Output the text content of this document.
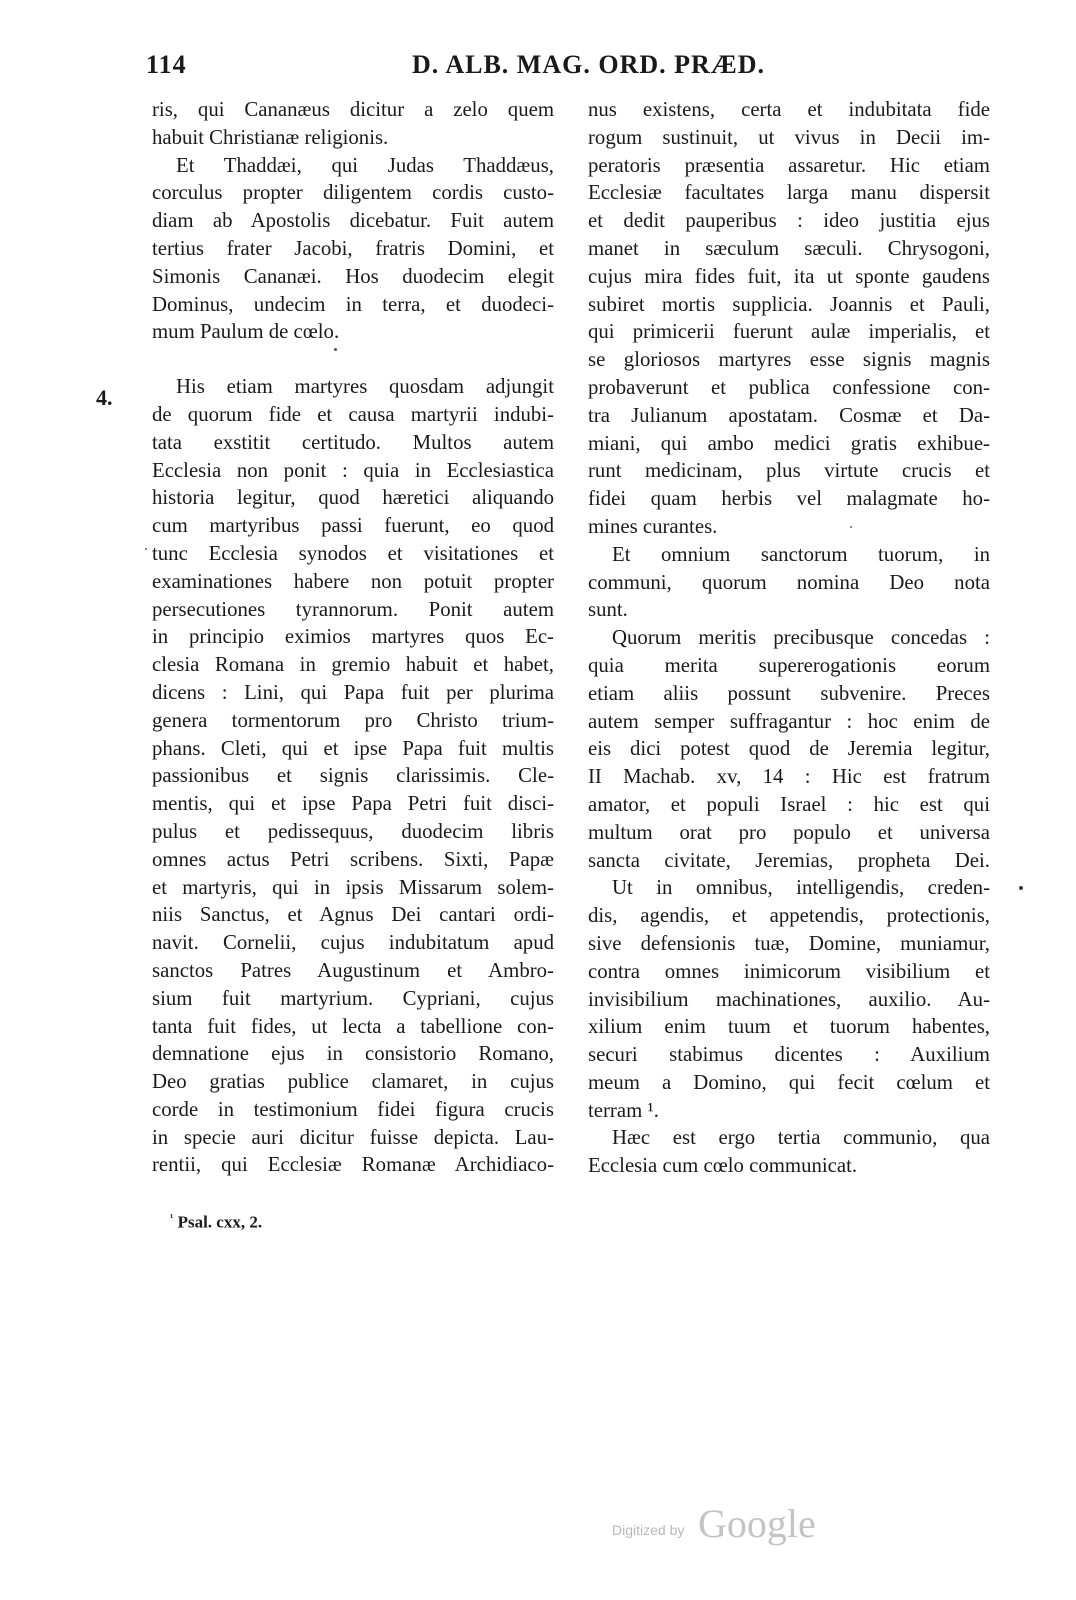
114	D. ALB. MAG. ORD. PRÆD.
4.
ris, qui Cananæus dicitur a zelo quem
habuit Christianæ religionis.
Et Thaddæi, qui Judas Thaddæus,
corculus propter diligentem cordis custo-
diam ab Apostolis dicebatur. Fuit autem
tertius frater Jacobi, fratris Domini, et
Simonis Cananæi. Hos duodecim elegit
Dominus, undecim in terra, et duodeci-
mum Paulum de cœlo.
His etiam martyres quosdam adjungit
de quorum fide et causa martyrii indubi-
tata exstitit certitudo. Multos autem
Ecclesia non ponit : quia in Ecclesiastica
historia legitur, quod hæretici aliquando
cum martyribus passi fuerunt, eo quod
tunc Ecclesia synodos et visitationes et
examinationes habere non potuit propter
persecutiones tyrannorum. Ponit autem
in principio eximios martyres quos Ec-
clesia Romana in gremio habuit et habet,
dicens : Lini, qui Papa fuit per plurima
genera tormentorum pro Christo trium-
phans. Cleti, qui et ipse Papa fuit multis
passionibus et signis clarissimis. Cle-
mentis, qui et ipse Papa Petri fuit disci-
pulus et pedissequus, duodecim libris
omnes actus Petri scribens. Sixti, Papæ
et martyris, qui in ipsis Missarum solem-
niis Sanctus, et Agnus Dei cantari ordi-
navit. Cornelii, cujus indubitatum apud
sanctos Patres Augustinum et Ambro-
sium fuit martyrium. Cypriani, cujus
tanta fuit fides, ut lecta a tabellione con-
demnatione ejus in consistorio Romano,
Deo gratias publice clamaret, in cujus
corde in testimonium fidei figura crucis
in specie auri dicitur fuisse depicta. Lau-
rentii, qui Ecclesiæ Romanæ Archidiaco-
nus existens, certa et indubitata fide
rogum sustinuit, ut vivus in Decii im-
peratoris præsentia assaretur. Hic etiam
Ecclesiæ facultates larga manu dispersit
et dedit pauperibus : ideo justitia ejus
manet in sæculum sæculi. Chrysogoni,
cujus mira fides fuit, ita ut sponte gaudens
subiret mortis supplicia. Joannis et Pauli,
qui primicerii fuerunt aulæ imperialis, et
se gloriosos martyres esse signis magnis
probaverunt et publica confessione con-
tra Julianum apostatam. Cosmæ et Da-
miani, qui ambo medici gratis exhibue-
runt medicinam, plus virtute crucis et
fidei quam herbis vel malagmate ho-
mines curantes.
Et omnium sanctorum tuorum, in
communi, quorum nomina Deo nota
sunt.
Quorum meritis precibusque concedas :
quia merita supererogationis eorum
etiam aliis possunt subvenire. Preces
autem semper suffragantur : hoc enim de
eis dici potest quod de Jeremia legitur,
II Machab. xv, 14 : Hic est fratrum
amator, et populi Israel : hic est qui
multum orat pro populo et universa
sancta civitate, Jeremias, propheta Dei.
Ut in omnibus, intelligendis, creden-
dis, agendis, et appetendis, protectionis,
sive defensionis tuæ, Domine, muniamur,
contra omnes inimicorum visibilium et
invisibilium machinationes, auxilio. Au-
xilium enim tuum et tuorum habentes,
securi stabimus dicentes : Auxilium
meum a Domino, qui fecit cœlum et
terram ¹.
Hæc est ergo tertia communio, qua
Ecclesia cum cœlo communicat.
$^{^1}$ Psal. cxx, 2.
Digitized by Google
